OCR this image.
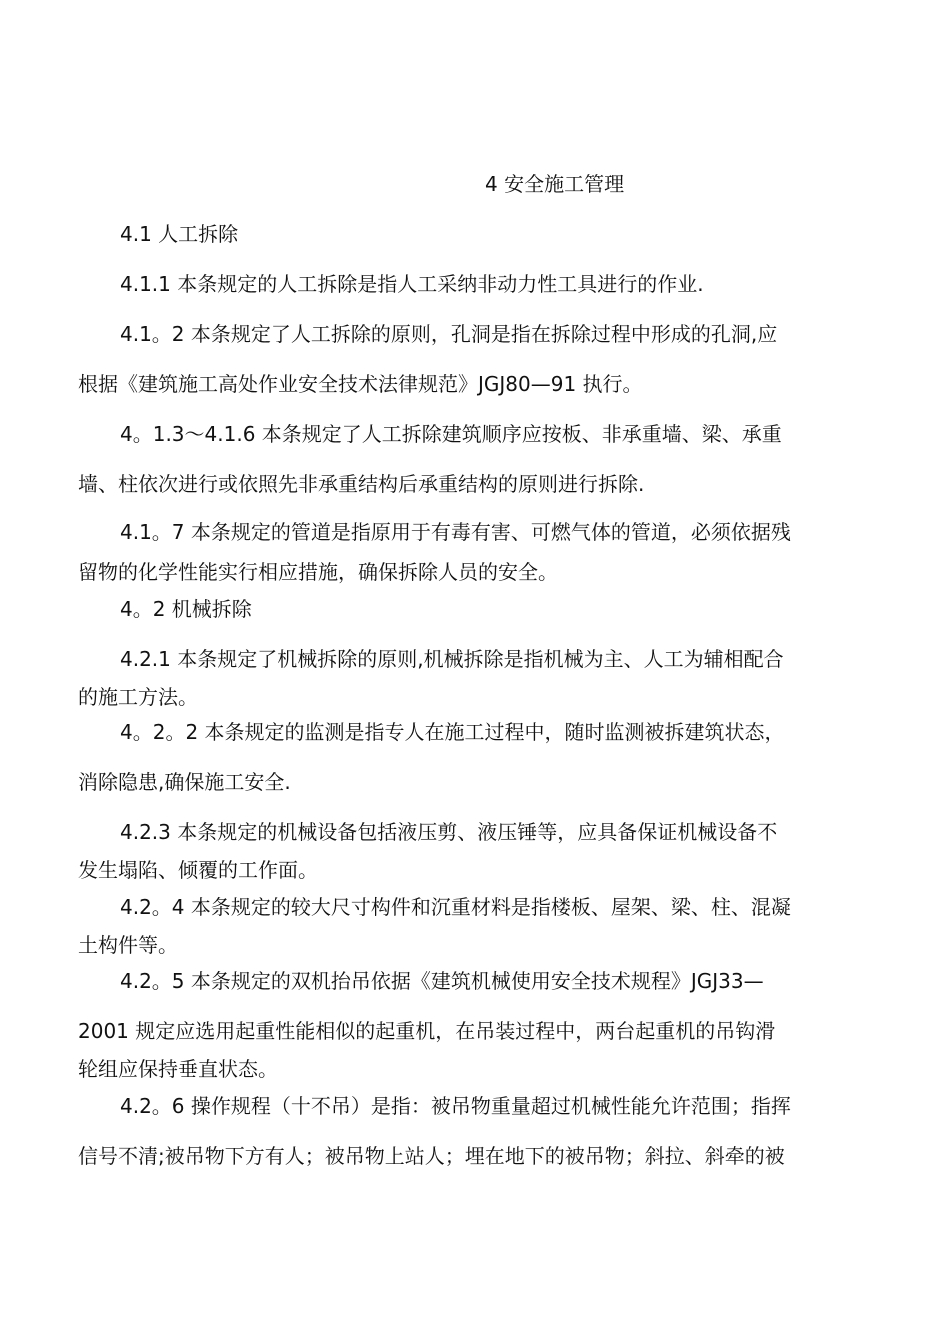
4 安全施工管理

4.1 人工拆除

4.1.1 本条规定的人工拆除是指人工采纳非动力性工具进行的作业.

4.1。2 本条规定了人工拆除的原则，孔洞是指在拆除过程中形成的孔洞,应

根据《建筑施工高处作业安全技术法律规范》JGJ80—91 执行。

4。1.3～4.1.6 本条规定了人工拆除建筑顺序应按板、非承重墙、梁、承重

墙、柱依次进行或依照先非承重结构后承重结构的原则进行拆除.

4.1。7 本条规定的管道是指原用于有毒有害、可燃气体的管道，必须依据残

留物的化学性能实行相应措施，确保拆除人员的安全。

4。2 机械拆除

4.2.1 本条规定了机械拆除的原则,机械拆除是指机械为主、人工为辅相配合

的施工方法。

4。2。2 本条规定的监测是指专人在施工过程中，随时监测被拆建筑状态，

消除隐患,确保施工安全.

4.2.3 本条规定的机械设备包括液压剪、液压锤等，应具备保证机械设备不

发生塌陷、倾覆的工作面。

4.2。4 本条规定的较大尺寸构件和沉重材料是指楼板、屋架、梁、柱、混凝

土构件等。

4.2。5 本条规定的双机抬吊依据《建筑机械使用安全技术规程》JGJ33—

2001 规定应选用起重性能相似的起重机，在吊装过程中，两台起重机的吊钩滑

轮组应保持垂直状态。

4.2。6 操作规程（十不吊）是指：被吊物重量超过机械性能允许范围；指挥

信号不清;被吊物下方有人；被吊物上站人；埋在地下的被吊物；斜拉、斜牵的被
